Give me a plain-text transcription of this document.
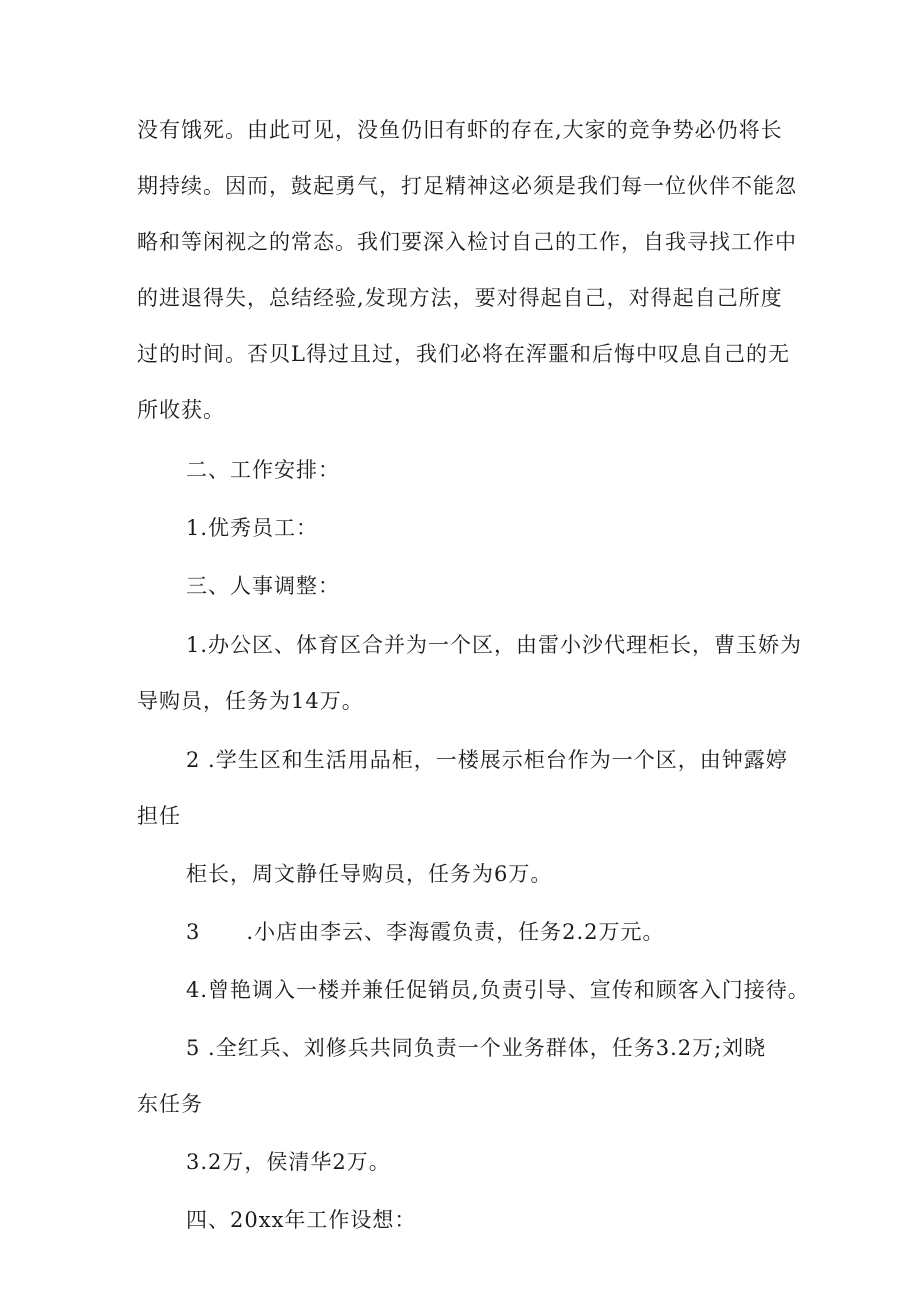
没有饿死。由此可见，没鱼仍旧有虾的存在,大家的竞争势必仍将长
期持续。因而，鼓起勇气，打足精神这必须是我们每一位伙伴不能忽
略和等闲视之的常态。我们要深入检讨自己的工作，自我寻找工作中
的进退得失，总结经验,发现方法，要对得起自己，对得起自己所度
过的时间。否贝L得过且过，我们必将在浑噩和后悔中叹息自己的无
所收获。
二、工作安排：
1.优秀员工：
三、人事调整：
1.办公区、体育区合并为一个区，由雷小沙代理柜长，曹玉娇为
导购员，任务为14万。
2 .学生区和生活用品柜，一楼展示柜台作为一个区，由钟露婷
担任
柜长，周文静任导购员，任务为6万。
3      .小店由李云、李海霞负责，任务2.2万元。
4.曾艳调入一楼并兼任促销员,负责引导、宣传和顾客入门接待。
5 .全红兵、刘修兵共同负责一个业务群体，任务3.2万;刘晓
东任务
3.2万，侯清华2万。
四、20xx年工作设想：
